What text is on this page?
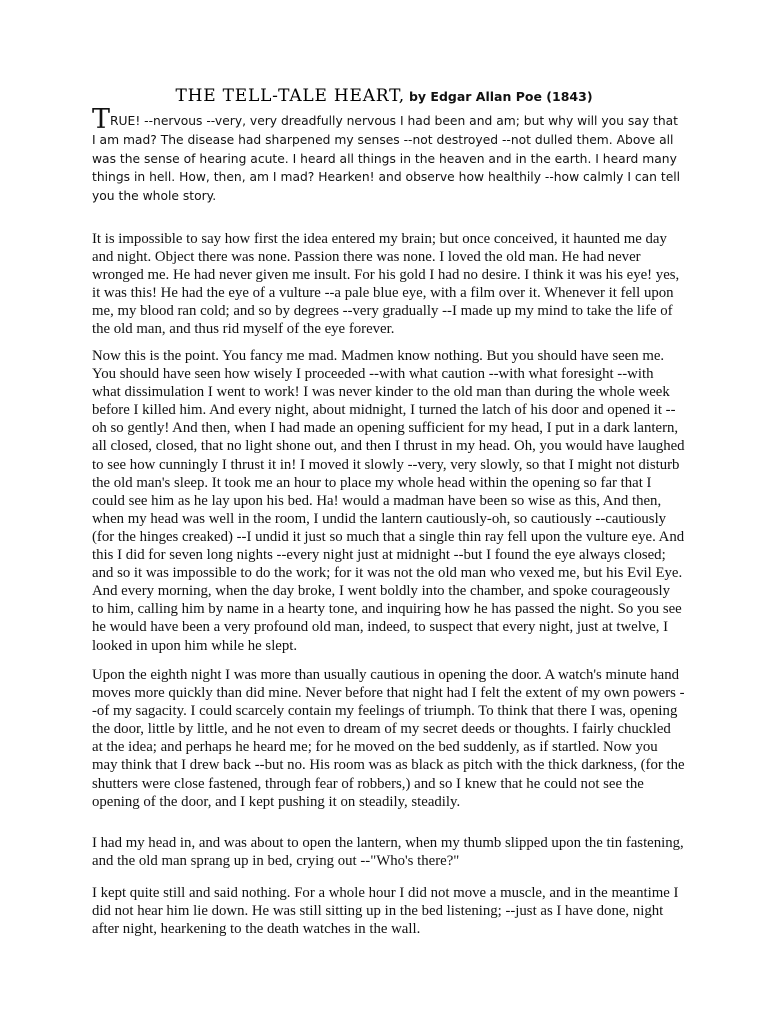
THE TELL-TALE HEART, by Edgar Allan Poe (1843)

TRUE! --nervous --very, very dreadfully nervous I had been and am; but why will you say that I am mad? The disease had sharpened my senses --not destroyed --not dulled them. Above all was the sense of hearing acute. I heard all things in the heaven and in the earth. I heard many things in hell. How, then, am I mad? Hearken! and observe how healthily --how calmly I can tell you the whole story.

It is impossible to say how first the idea entered my brain; but once conceived, it haunted me day and night. Object there was none. Passion there was none. I loved the old man. He had never wronged me. He had never given me insult. For his gold I had no desire. I think it was his eye! yes, it was this! He had the eye of a vulture --a pale blue eye, with a film over it. Whenever it fell upon me, my blood ran cold; and so by degrees --very gradually --I made up my mind to take the life of the old man, and thus rid myself of the eye forever.

Now this is the point. You fancy me mad. Madmen know nothing. But you should have seen me. You should have seen how wisely I proceeded --with what caution --with what foresight --with what dissimulation I went to work! I was never kinder to the old man than during the whole week before I killed him. And every night, about midnight, I turned the latch of his door and opened it --oh so gently! And then, when I had made an opening sufficient for my head, I put in a dark lantern, all closed, closed, that no light shone out, and then I thrust in my head. Oh, you would have laughed to see how cunningly I thrust it in! I moved it slowly --very, very slowly, so that I might not disturb the old man's sleep. It took me an hour to place my whole head within the opening so far that I could see him as he lay upon his bed. Ha! would a madman have been so wise as this, And then, when my head was well in the room, I undid the lantern cautiously-oh, so cautiously --cautiously (for the hinges creaked) --I undid it just so much that a single thin ray fell upon the vulture eye. And this I did for seven long nights --every night just at midnight --but I found the eye always closed; and so it was impossible to do the work; for it was not the old man who vexed me, but his Evil Eye. And every morning, when the day broke, I went boldly into the chamber, and spoke courageously to him, calling him by name in a hearty tone, and inquiring how he has passed the night. So you see he would have been a very profound old man, indeed, to suspect that every night, just at twelve, I looked in upon him while he slept.

Upon the eighth night I was more than usually cautious in opening the door. A watch's minute hand moves more quickly than did mine. Never before that night had I felt the extent of my own powers --of my sagacity. I could scarcely contain my feelings of triumph. To think that there I was, opening the door, little by little, and he not even to dream of my secret deeds or thoughts. I fairly chuckled at the idea; and perhaps he heard me; for he moved on the bed suddenly, as if startled. Now you may think that I drew back --but no. His room was as black as pitch with the thick darkness, (for the shutters were close fastened, through fear of robbers,) and so I knew that he could not see the opening of the door, and I kept pushing it on steadily, steadily.

I had my head in, and was about to open the lantern, when my thumb slipped upon the tin fastening, and the old man sprang up in bed, crying out --"Who's there?"

I kept quite still and said nothing. For a whole hour I did not move a muscle, and in the meantime I did not hear him lie down. He was still sitting up in the bed listening; --just as I have done, night after night, hearkening to the death watches in the wall.
